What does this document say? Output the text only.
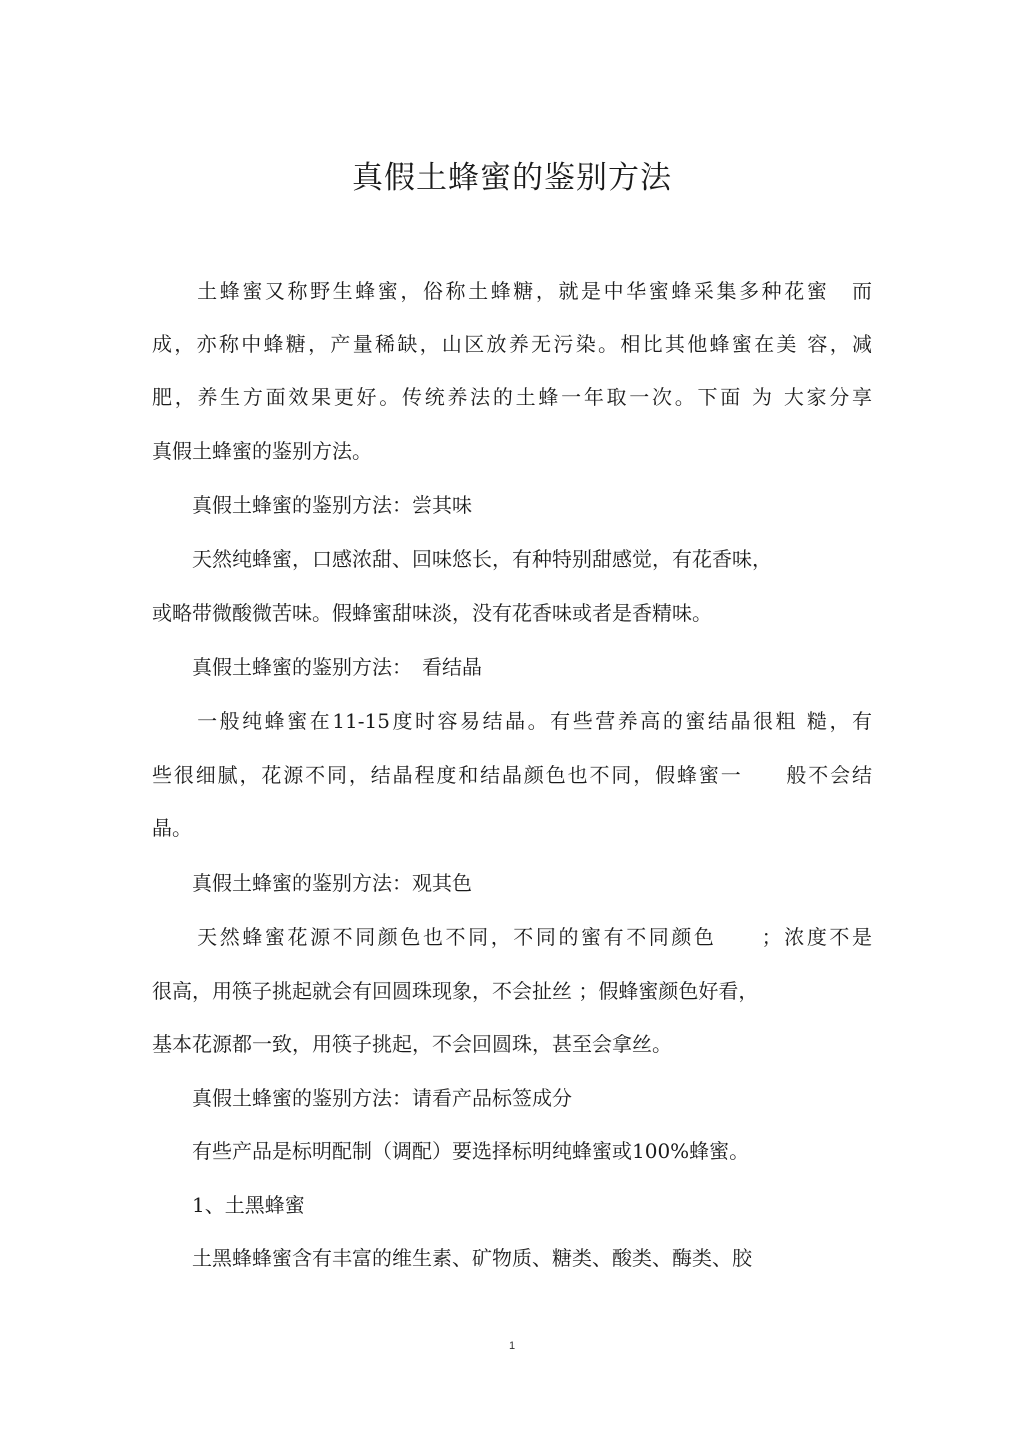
真假土蜂蜜的鉴别方法

　　土蜂蜜又称野生蜂蜜，俗称土蜂糖，就是中华蜜蜂采集多种花蜜　而

成，亦称中蜂糖，产量稀缺，山区放养无污染。相比其他蜂蜜在美 容，减

肥，养生方面效果更好。传统养法的土蜂一年取一次。下面 为 大家分享

真假土蜂蜜的鉴别方法。

　　真假土蜂蜜的鉴别方法：尝其味

　　天然纯蜂蜜，口感浓甜、回味悠长，有种特别甜感觉，有花香味，

或略带微酸微苦味。假蜂蜜甜味淡，没有花香味或者是香精味。

　　真假土蜂蜜的鉴别方法：　看结晶

　　一般纯蜂蜜在11-15度时容易结晶。有些营养高的蜜结晶很粗 糙，有

些很细腻，花源不同，结晶程度和结晶颜色也不同，假蜂蜜一　　般不会结

晶。

　　真假土蜂蜜的鉴别方法：观其色

　　天然蜂蜜花源不同颜色也不同，不同的蜜有不同颜色　　；浓度不是

很高，用筷子挑起就会有回圆珠现象，不会扯丝 ；假蜂蜜颜色好看，

基本花源都一致，用筷子挑起，不会回圆珠，甚至会拿丝。

　　真假土蜂蜜的鉴别方法：请看产品标签成分

　　有些产品是标明配制（调配）要选择标明纯蜂蜜或100%蜂蜜。

　　1、土黑蜂蜜

　　土黑蜂蜂蜜含有丰富的维生素、矿物质、糖类、酸类、酶类、胶

1
